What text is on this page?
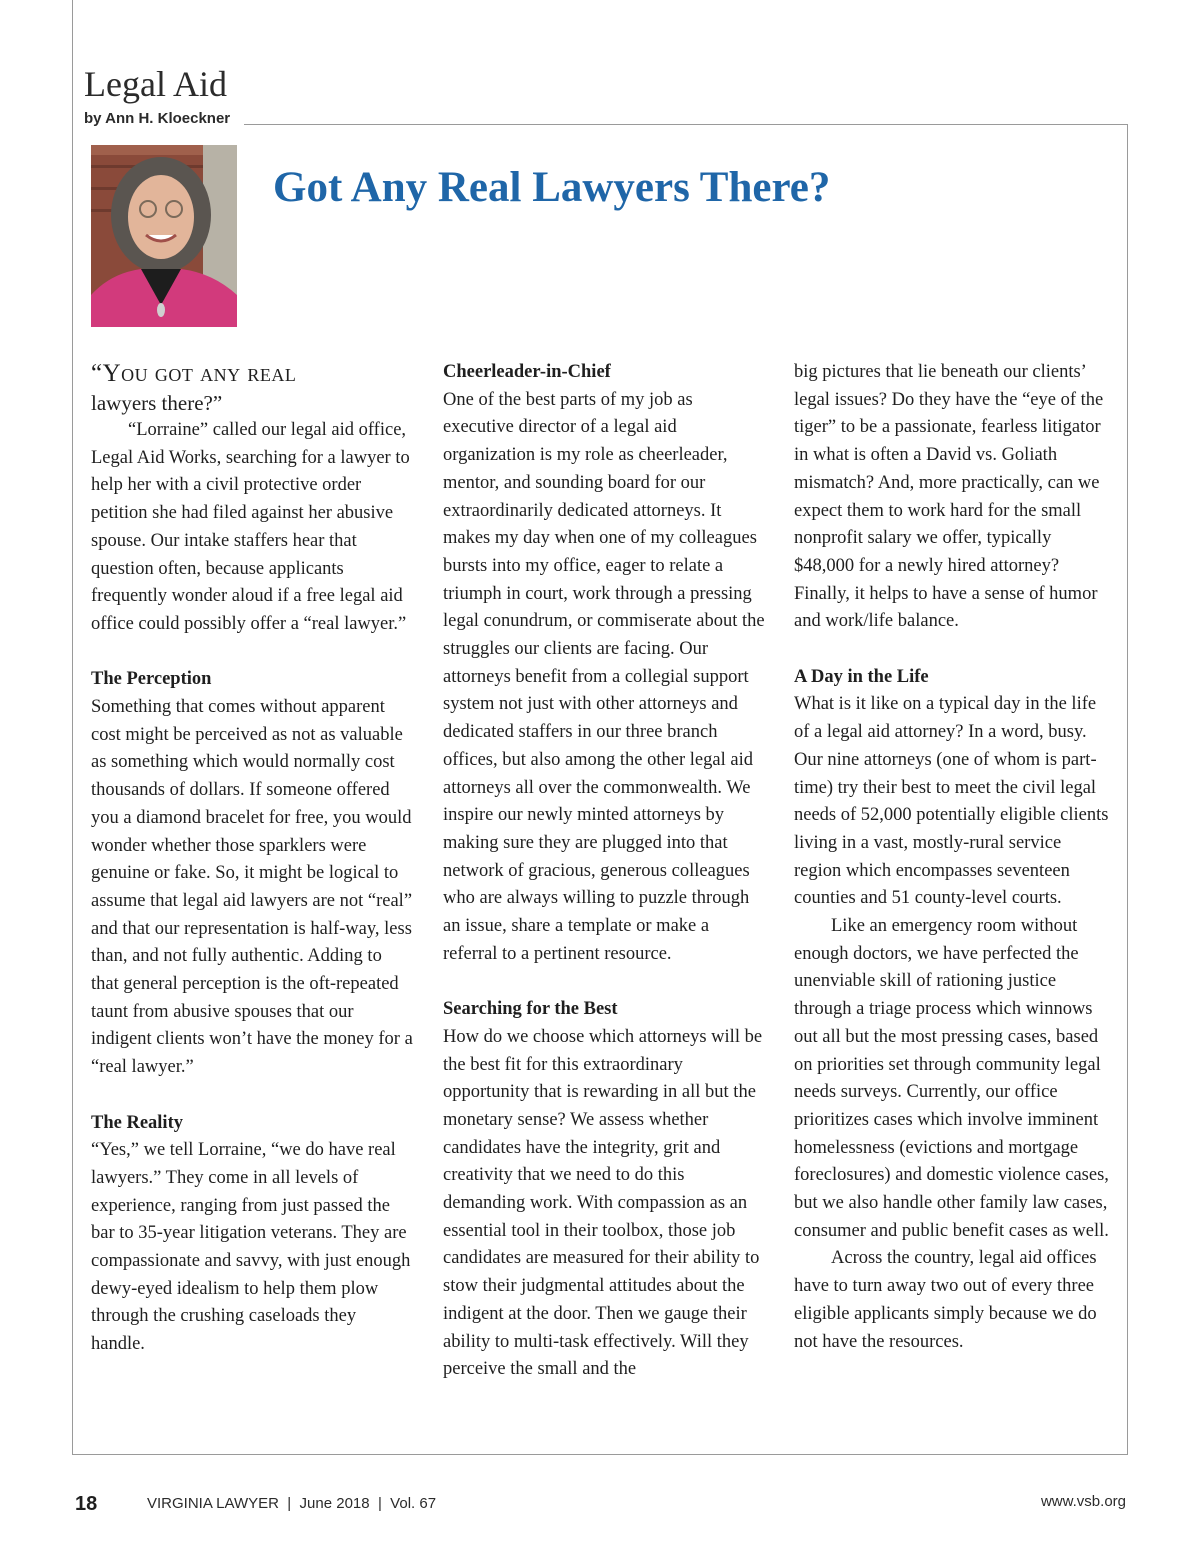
Legal Aid
by Ann H. Kloeckner
Got Any Real Lawyers There?

“You got any real

lawyers there?”

“Lorraine” called our legal aid office, Legal Aid Works, searching for a lawyer to help her with a civil protective order petition she had filed against her abusive spouse. Our intake staffers hear that question often, because applicants frequently wonder aloud if a free legal aid office could possibly offer a “real lawyer.”

The Perception

Something that comes without apparent cost might be perceived as not as valuable as something which would normally cost thousands of dollars. If someone offered you a diamond bracelet for free, you would wonder whether those sparklers were genuine or fake. So, it might be logical to assume that legal aid lawyers are not “real” and that our representation is half-way, less than, and not fully authentic. Adding to that general perception is the oft-repeated taunt from abusive spouses that our indigent clients won’t have the money for a “real lawyer.”

The Reality

“Yes,” we tell Lorraine, “we do have real lawyers.” They come in all levels of experience, ranging from just passed the bar to 35-year litigation veterans. They are compassionate and savvy, with just enough dewy-eyed idealism to help them plow through the crushing caseloads they handle.

Cheerleader-in-Chief

One of the best parts of my job as executive director of a legal aid organization is my role as cheerleader, mentor, and sounding board for our extraordinarily dedicated attorneys. It makes my day when one of my colleagues bursts into my office, eager to relate a triumph in court, work through a pressing legal conundrum, or commiserate about the struggles our clients are facing. Our attorneys benefit from a collegial support system not just with other attorneys and dedicated staffers in our three branch offices, but also among the other legal aid attorneys all over the commonwealth. We inspire our newly minted attorneys by making sure they are plugged into that network of gracious, generous colleagues who are always willing to puzzle through an issue, share a template or make a referral to a pertinent resource.

Searching for the Best

How do we choose which attorneys will be the best fit for this extraordinary opportunity that is rewarding in all but the monetary sense? We assess whether candidates have the integrity, grit and creativity that we need to do this demanding work. With compassion as an essential tool in their toolbox, those job candidates are measured for their ability to stow their judgmental attitudes about the indigent at the door. Then we gauge their ability to multi-task effectively. Will they perceive the small and the

big pictures that lie beneath our clients’ legal issues? Do they have the “eye of the tiger” to be a passionate, fearless litigator in what is often a David vs. Goliath mismatch? And, more practically, can we expect them to work hard for the small nonprofit salary we offer, typically $48,000 for a newly hired attorney? Finally, it helps to have a sense of humor and work/life balance.

A Day in the Life

What is it like on a typical day in the life of a legal aid attorney? In a word, busy. Our nine attorneys (one of whom is part-time) try their best to meet the civil legal needs of 52,000 potentially eligible clients living in a vast, mostly-rural service region which encompasses seventeen counties and 51 county-level courts.

Like an emergency room without enough doctors, we have perfected the unenviable skill of rationing justice through a triage process which winnows out all but the most pressing cases, based on priorities set through community legal needs surveys. Currently, our office prioritizes cases which involve imminent homelessness (evictions and mortgage foreclosures) and domestic violence cases, but we also handle other family law cases, consumer and public benefit cases as well.

Across the country, legal aid offices have to turn away two out of every three eligible applicants simply because we do not have the resources.

18	VIRGINIA LAWYER  |  June 2018  |  Vol. 67	www.vsb.org
